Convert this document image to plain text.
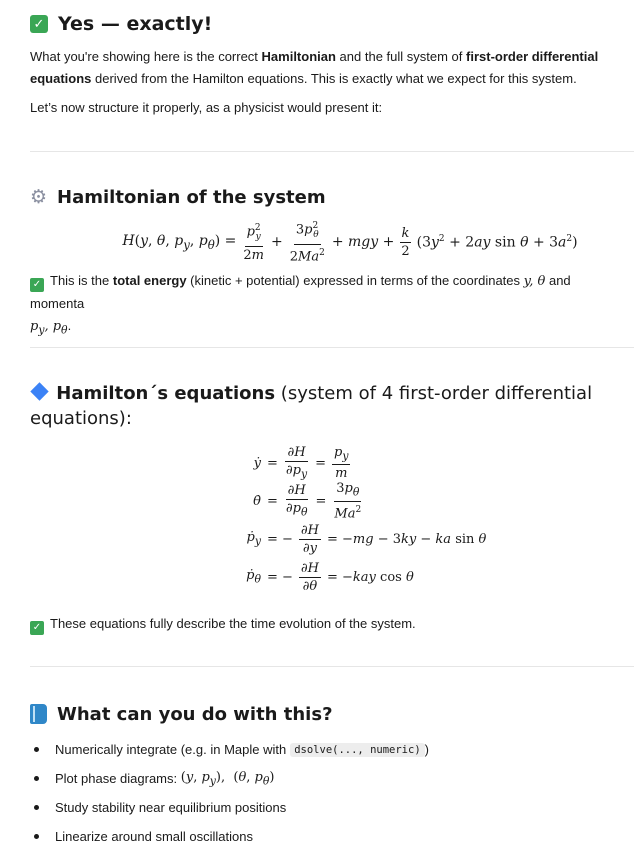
✓ Yes — exactly!

What you're showing here is the correct Hamiltonian and the full system of first-order differential equations derived from the Hamilton equations. This is exactly what we expect for this system.

Let’s now structure it properly, as a physicist would present it:

⚙ Hamiltonian of the system
H(y, θ, $p_y$, $p_\theta) = \frac{p^2_y}{2m} + \frac{3p^2_\theta}{2Ma^2}$ + mgy + $\frac{k}{2} (3y^2 + 2ay$ $\sin \theta + 3a^2$)

✓ This is the total energy (kinetic + potential) expressed in terms of the coordinates y, θ and momenta
$p_y$, $p_\theta$.

Hamilton´s equations (system of 4 first-order differential equations):
ẏ = $\frac{\partial H}{\partial p_y} = \frac{p_y}{m}$
θ̇ = $\frac{\partial H}{\partial p_\theta} = \frac{3p_\theta}{Ma^2}$
ṗ$_y$ = − $\frac{\partial H}{\partial y} = -mg - 3ky$ − ka sin θ
ṗ$_\theta$ = − $\frac{\partial H}{\partial\theta} = -kay$ cos θ

✓ These equations fully describe the time evolution of the system.

What can you do with this?
Numerically integrate (e.g. in Maple with dsolve(..., numeric) )
Plot phase diagrams:
(y, $p_y$),  (θ, $p_\theta$)
Study stability near equilibrium positions
Linearize around small oscillations
